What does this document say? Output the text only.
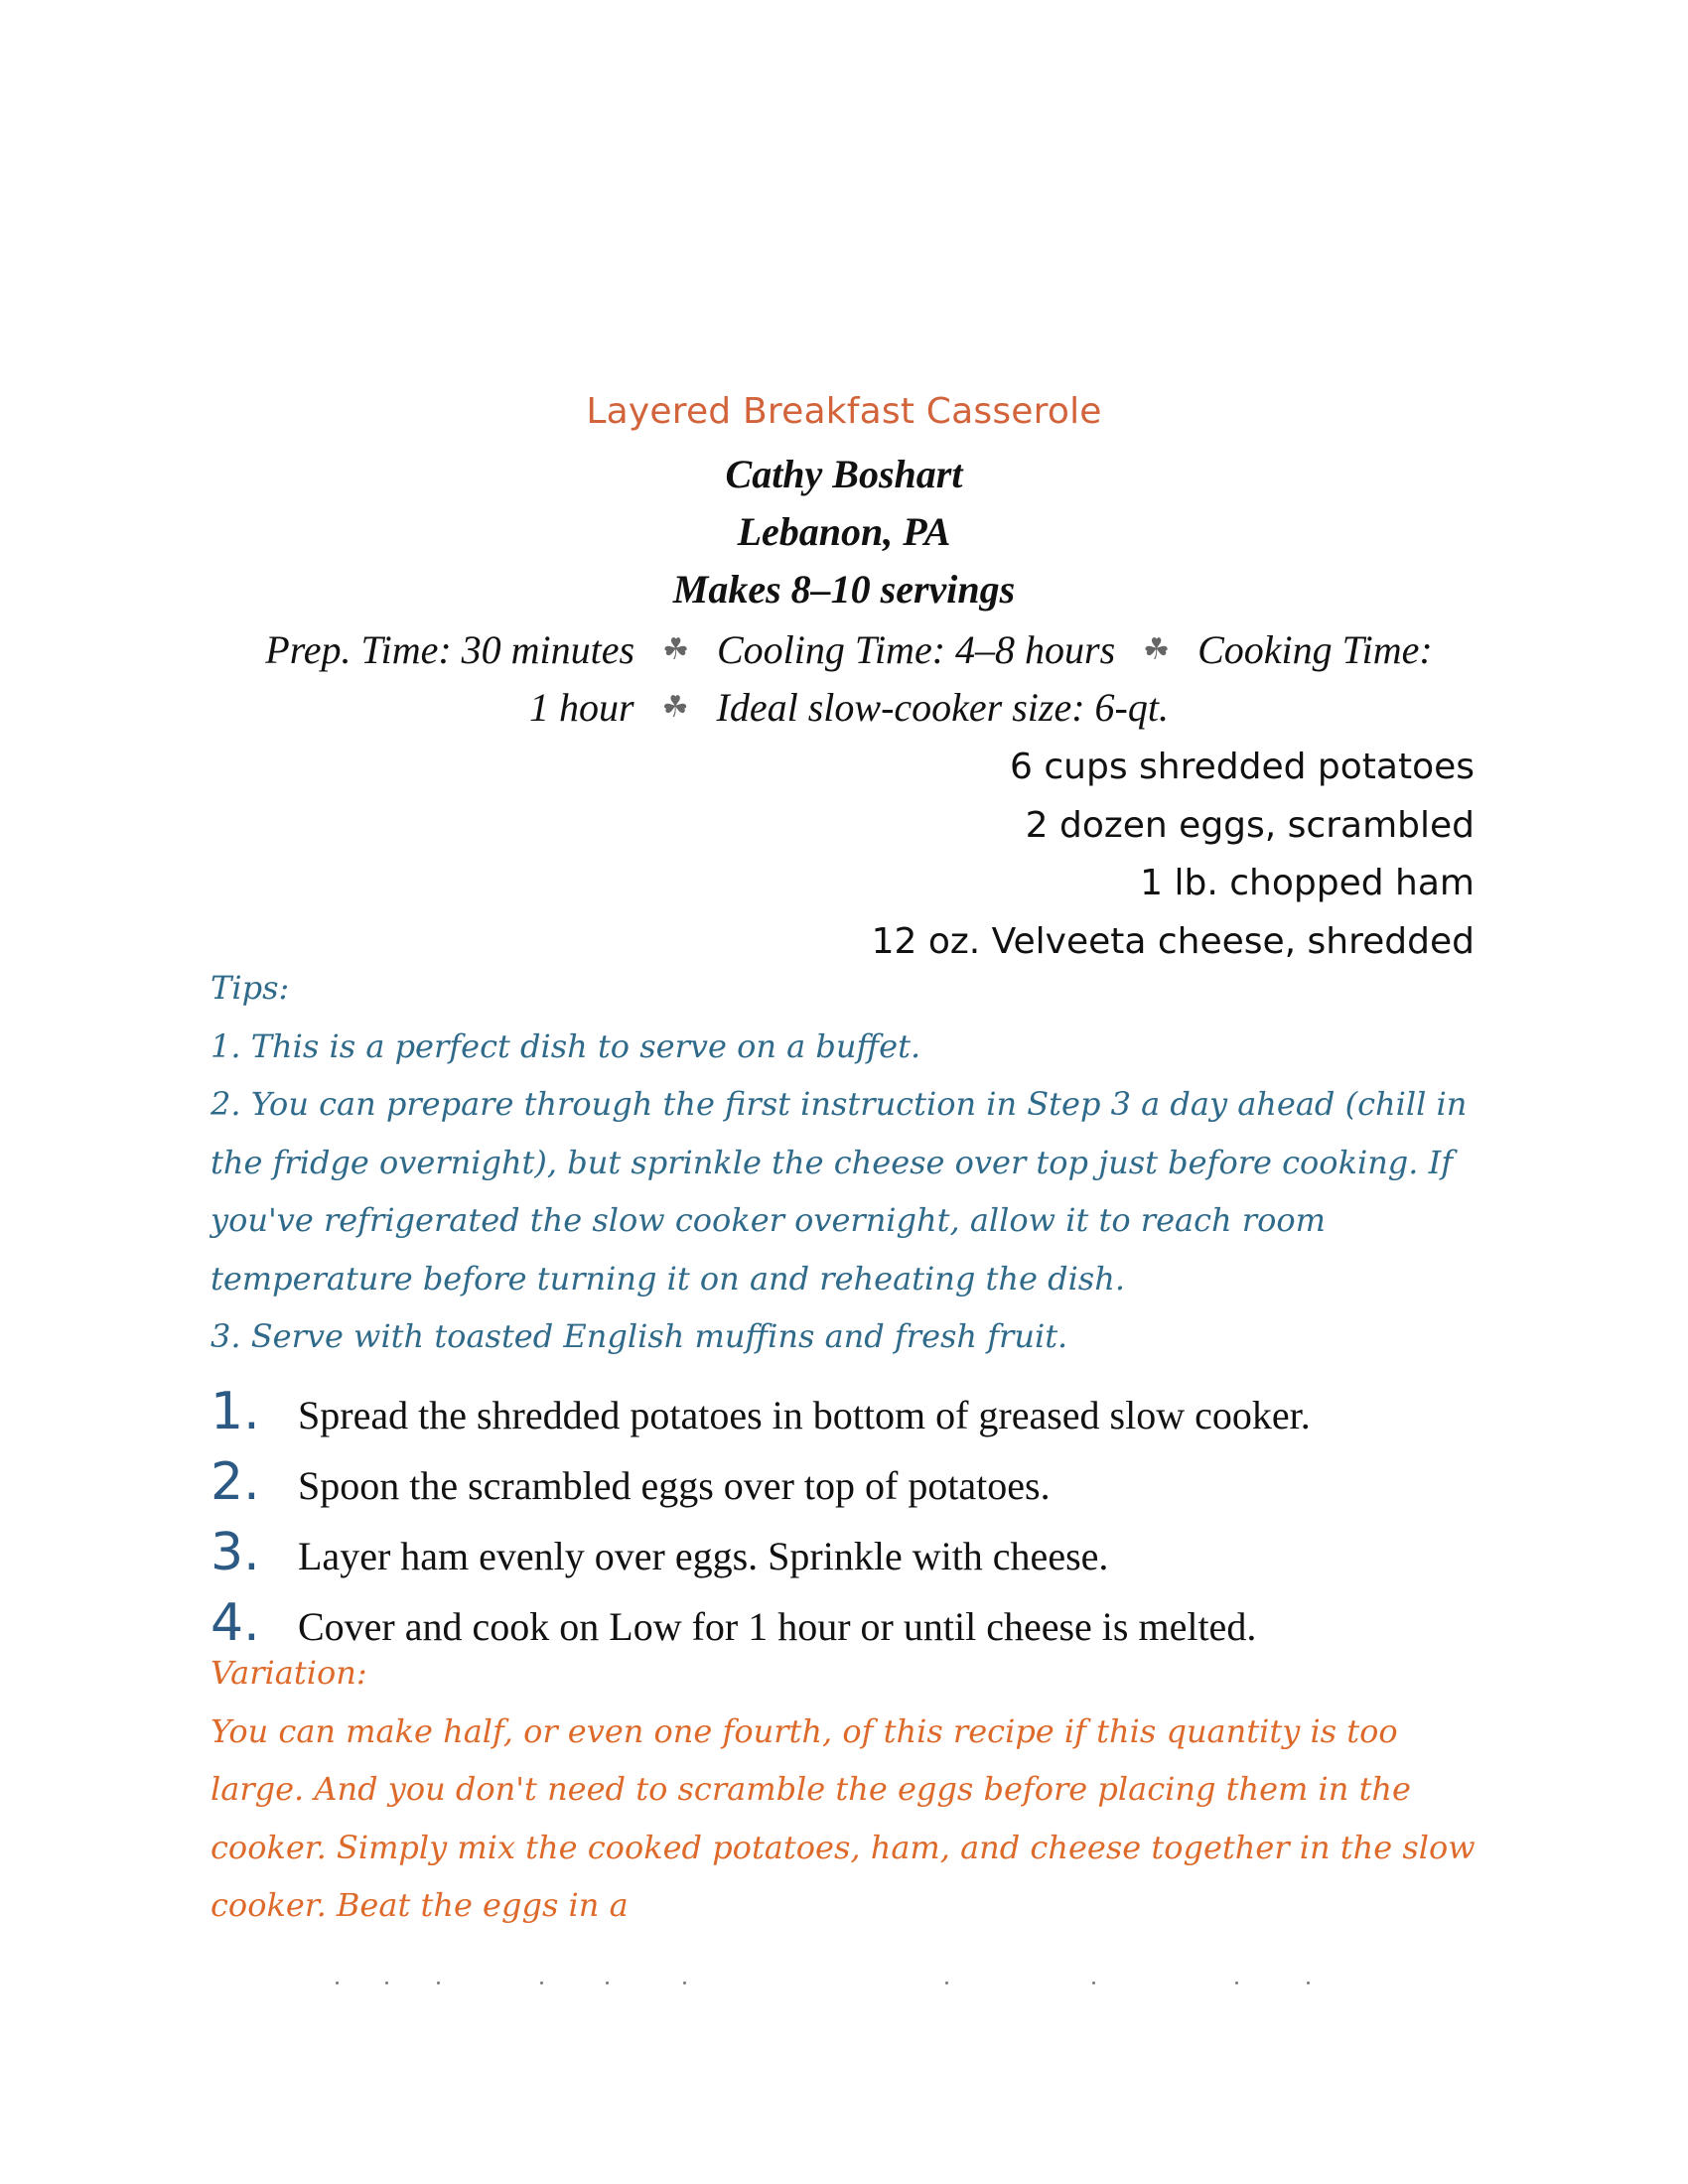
Layered Breakfast Casserole
Cathy Boshart
Lebanon, PA
Makes 8–10 servings
Prep. Time: 30 minutes ☘ Cooling Time: 4–8 hours ☘ Cooking Time:
1 hour ☘ Ideal slow-cooker size: 6-qt.
6 cups shredded potatoes
2 dozen eggs, scrambled
1 lb. chopped ham
12 oz. Velveeta cheese, shredded

Tips:

1. This is a perfect dish to serve on a buffet.

2. You can prepare through the first instruction in Step 3 a day ahead (chill in the fridge overnight), but sprinkle the cheese over top just before cooking. If you've refrigerated the slow cooker overnight, allow it to reach room temperature before turning it on and reheating the dish.

3. Serve with toasted English muffins and fresh fruit.

1. Spread the shredded potatoes in bottom of greased slow cooker.
2. Spoon the scrambled eggs over top of potatoes.
3. Layer ham evenly over eggs. Sprinkle with cheese.
4. Cover and cook on Low for 1 hour or until cheese is melted.

Variation:

You can make half, or even one fourth, of this recipe if this quantity is too large. And you don't need to scramble the eggs before placing them in the cooker. Simply mix the cooked potatoes, ham, and cheese together in the slow cooker. Beat the eggs in a
